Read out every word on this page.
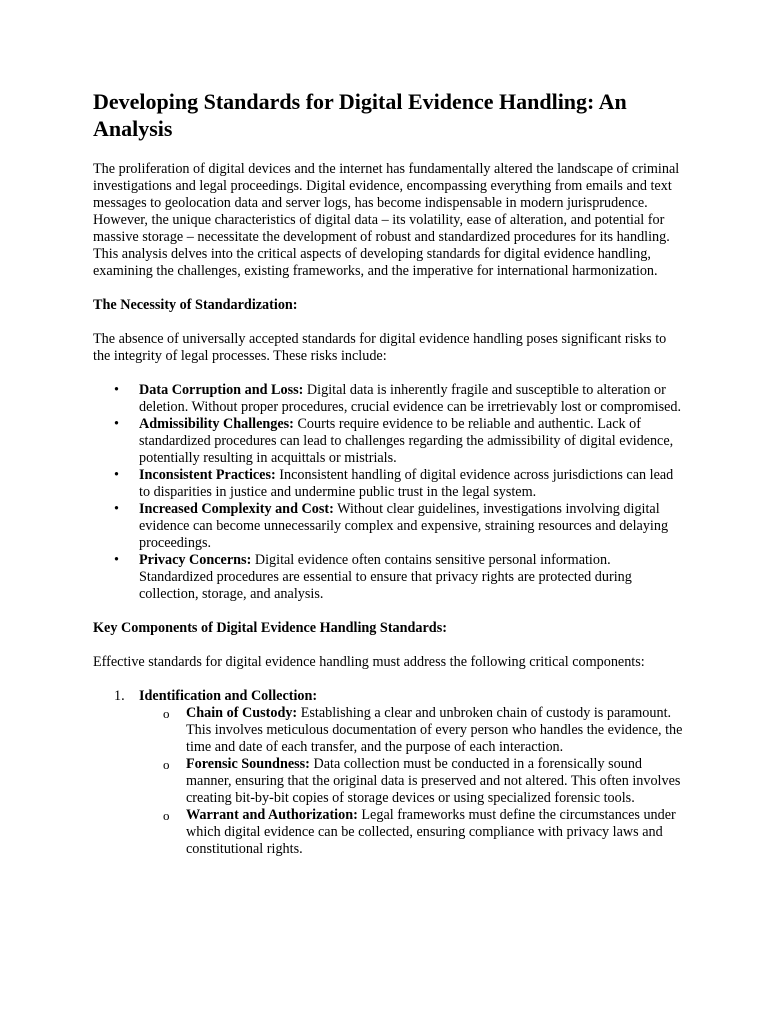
Developing Standards for Digital Evidence Handling: An Analysis

The proliferation of digital devices and the internet has fundamentally altered the landscape of criminal investigations and legal proceedings. Digital evidence, encompassing everything from emails and text messages to geolocation data and server logs, has become indispensable in modern jurisprudence. However, the unique characteristics of digital data – its volatility, ease of alteration, and potential for massive storage – necessitate the development of robust and standardized procedures for its handling. This analysis delves into the critical aspects of developing standards for digital evidence handling, examining the challenges, existing frameworks, and the imperative for international harmonization.

The Necessity of Standardization:

The absence of universally accepted standards for digital evidence handling poses significant risks to the integrity of legal processes. These risks include:

• Data Corruption and Loss: Digital data is inherently fragile and susceptible to alteration or deletion. Without proper procedures, crucial evidence can be irretrievably lost or compromised.
• Admissibility Challenges: Courts require evidence to be reliable and authentic. Lack of standardized procedures can lead to challenges regarding the admissibility of digital evidence, potentially resulting in acquittals or mistrials.
• Inconsistent Practices: Inconsistent handling of digital evidence across jurisdictions can lead to disparities in justice and undermine public trust in the legal system.
• Increased Complexity and Cost: Without clear guidelines, investigations involving digital evidence can become unnecessarily complex and expensive, straining resources and delaying proceedings.
• Privacy Concerns: Digital evidence often contains sensitive personal information. Standardized procedures are essential to ensure that privacy rights are protected during collection, storage, and analysis.

Key Components of Digital Evidence Handling Standards:

Effective standards for digital evidence handling must address the following critical components:

1. Identification and Collection:
o Chain of Custody: Establishing a clear and unbroken chain of custody is paramount. This involves meticulous documentation of every person who handles the evidence, the time and date of each transfer, and the purpose of each interaction.
o Forensic Soundness: Data collection must be conducted in a forensically sound manner, ensuring that the original data is preserved and not altered. This often involves creating bit-by-bit copies of storage devices or using specialized forensic tools.
o Warrant and Authorization: Legal frameworks must define the circumstances under which digital evidence can be collected, ensuring compliance with privacy laws and constitutional rights.
